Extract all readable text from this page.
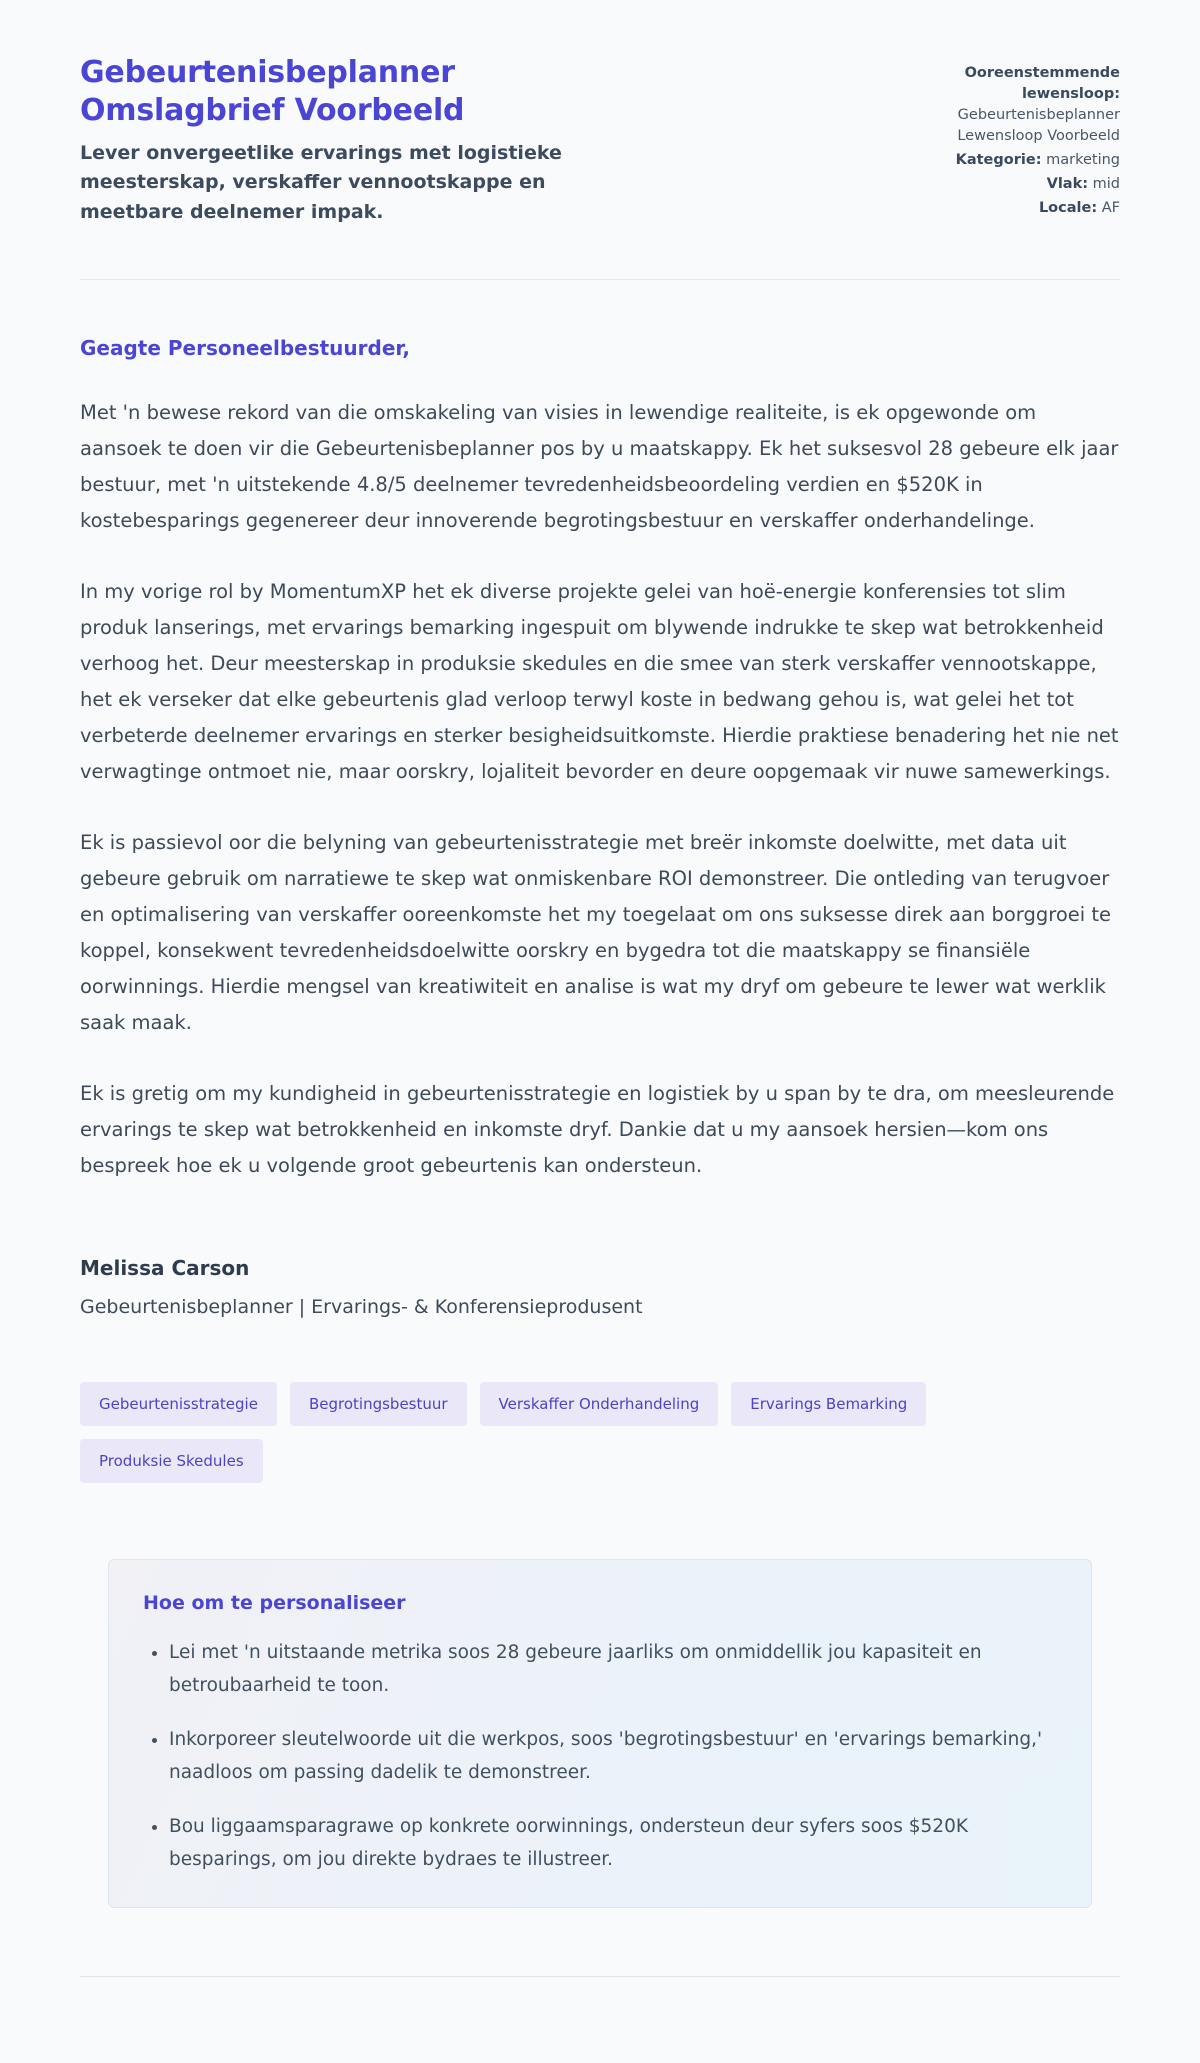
Gebeurtenisbeplanner Omslagbrief Voorbeeld

Lever onvergeetlike ervarings met logistieke meesterskap, verskaffer vennootskappe en meetbare deelnemer impak.

Ooreenstemmende lewensloop: Gebeurtenisbeplanner Lewensloop Voorbeeld
Kategorie: marketing
Vlak: mid
Locale: AF
Geagte Personeelbestuurder,

Met 'n bewese rekord van die omskakeling van visies in lewendige realiteite, is ek opgewonde om aansoek te doen vir die Gebeurtenisbeplanner pos by u maatskappy. Ek het suksesvol 28 gebeure elk jaar bestuur, met 'n uitstekende 4.8/5 deelnemer tevredenheidsbeoordeling verdien en $520K in kostebesparings gegenereer deur innoverende begrotingsbestuur en verskaffer onderhandelinge.

In my vorige rol by MomentumXP het ek diverse projekte gelei van hoë-energie konferensies tot slim produk lanserings, met ervarings bemarking ingespuit om blywende indrukke te skep wat betrokkenheid verhoog het. Deur meesterskap in produksie skedules en die smee van sterk verskaffer vennootskappe, het ek verseker dat elke gebeurtenis glad verloop terwyl koste in bedwang gehou is, wat gelei het tot verbeterde deelnemer ervarings en sterker besigheidsuitkomste. Hierdie praktiese benadering het nie net verwagtinge ontmoet nie, maar oorskry, lojaliteit bevorder en deure oopgemaak vir nuwe samewerkings.

Ek is passievol oor die belyning van gebeurtenisstrategie met breër inkomste doelwitte, met data uit gebeure gebruik om narratiewe te skep wat onmiskenbare ROI demonstreer. Die ontleding van terugvoer en optimalisering van verskaffer ooreenkomste het my toegelaat om ons suksesse direk aan borggroei te koppel, konsekwent tevredenheidsdoelwitte oorskry en bygedra tot die maatskappy se finansiële oorwinnings. Hierdie mengsel van kreatiwiteit en analise is wat my dryf om gebeure te lewer wat werklik saak maak.

Ek is gretig om my kundigheid in gebeurtenisstrategie en logistiek by u span by te dra, om meesleurende ervarings te skep wat betrokkenheid en inkomste dryf. Dankie dat u my aansoek hersien—kom ons bespreek hoe ek u volgende groot gebeurtenis kan ondersteun.

Melissa Carson
Gebeurtenisbeplanner | Ervarings- & Konferensieprodusent
Gebeurtenisstrategie	Begrotingsbestuur	Verskaffer Onderhandeling	Ervarings Bemarking
Produksie Skedules
Hoe om te personaliseer
• Lei met 'n uitstaande metrika soos 28 gebeure jaarliks om onmiddellik jou kapasiteit en betroubaarheid te toon.
• Inkorporeer sleutelwoorde uit die werkpos, soos 'begrotingsbestuur' en 'ervarings bemarking,' naadloos om passing dadelik te demonstreer.
• Bou liggaamsparagrawe op konkrete oorwinnings, ondersteun deur syfers soos $520K besparings, om jou direkte bydraes te illustreer.
